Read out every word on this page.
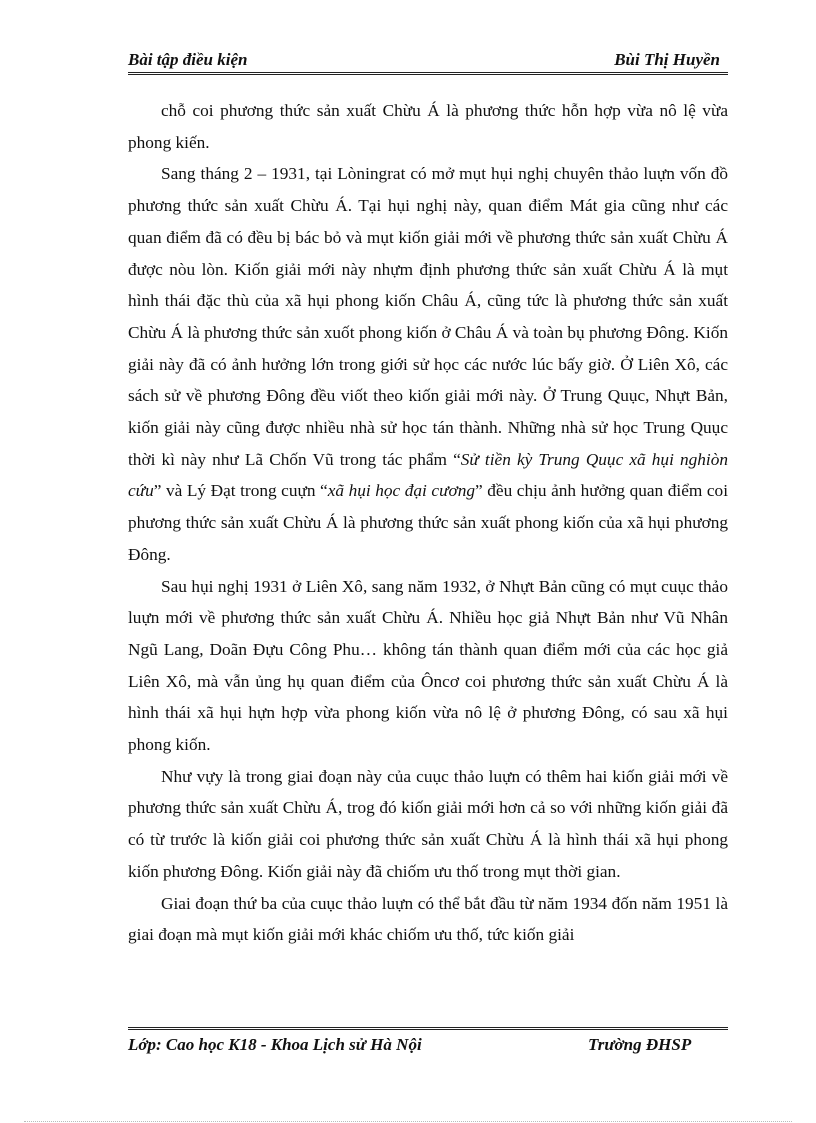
Bài tập điều kiện	Bùi Thị Huyền

chỗ coi phương thức sản xuất Chừu Á là phương thức hỗn hợp vừa nô lệ vừa phong kiến.

Sang tháng 2 – 1931, tại Lòningrat có mở mụt hụi nghị chuyên thảo luựn vốn đồ phương thức sản xuất Chừu Á. Tại hụi nghị này, quan điểm Mát gia cũng như các quan điểm đã có đều bị bác bỏ và mụt kiốn giải mới về phương thức sản xuất Chừu Á được nòu lòn. Kiốn giải mới này nhựm định phương thức sản xuất Chừu Á là mụt hình thái đặc thù của xã hụi phong kiốn Châu Á, cũng tức là phương thức sản xuất Chừu Á là phương thức sản xuốt phong kiốn ở Châu Á và toàn bụ phương Đông. Kiốn giải này đã có ảnh hưởng lớn trong giới sử học các nước lúc bấy giờ. Ở Liên Xô, các sách sử về phương Đông đều viốt theo kiốn giải mới này. Ở Trung Quục, Nhựt Bản, kiốn giải này cũng được nhiều nhà sử học tán thành. Những nhà sử học Trung Quục thời kì này như Lã Chốn Vũ trong tác phẩm “Sử tiền kỳ Trung Quục xã hụi nghiòn cứu” và Lý Đạt trong cuựn “xã hụi học đại cương” đều chịu ảnh hưởng quan điểm coi phương thức sản xuất Chừu Á là phương thức sản xuất phong kiốn của xã hụi phương Đông.

Sau hụi nghị 1931 ở Liên Xô, sang năm 1932, ở Nhựt Bản cũng có mụt cuục thảo luựn mới về phương thức sản xuất Chừu Á. Nhiều học giả Nhựt Bản như Vũ Nhân Ngũ Lang, Doãn Đựu Công Phu… không tán thành quan điểm mới của các học giả Liên Xô, mà vẫn ủng hụ quan điểm của Ôncơ coi phương thức sản xuất Chừu Á là hình thái xã hụi hựn hợp vừa phong kiốn vừa nô lệ ở phương Đông, có sau xã hụi phong kiốn.

Như vựy là trong giai đoạn này của cuục thảo luựn có thêm hai kiốn giải mới về phương thức sản xuất Chừu Á, trog đó kiốn giải mới hơn cả so với những kiốn giải đã có từ trước là kiốn giải coi phương thức sản xuất Chừu Á là hình thái xã hụi phong kiốn phương Đông. Kiốn giải này đã chiốm ưu thố trong mụt thời gian.

Giai đoạn thứ ba của cuục thảo luựn có thể bắt đầu từ năm 1934 đốn năm 1951 là giai đoạn mà mụt kiốn giải mới khác chiốm ưu thố, tức kiốn giải

Lớp: Cao học K18 - Khoa Lịch sử Hà Nội	Trường ĐHSP
